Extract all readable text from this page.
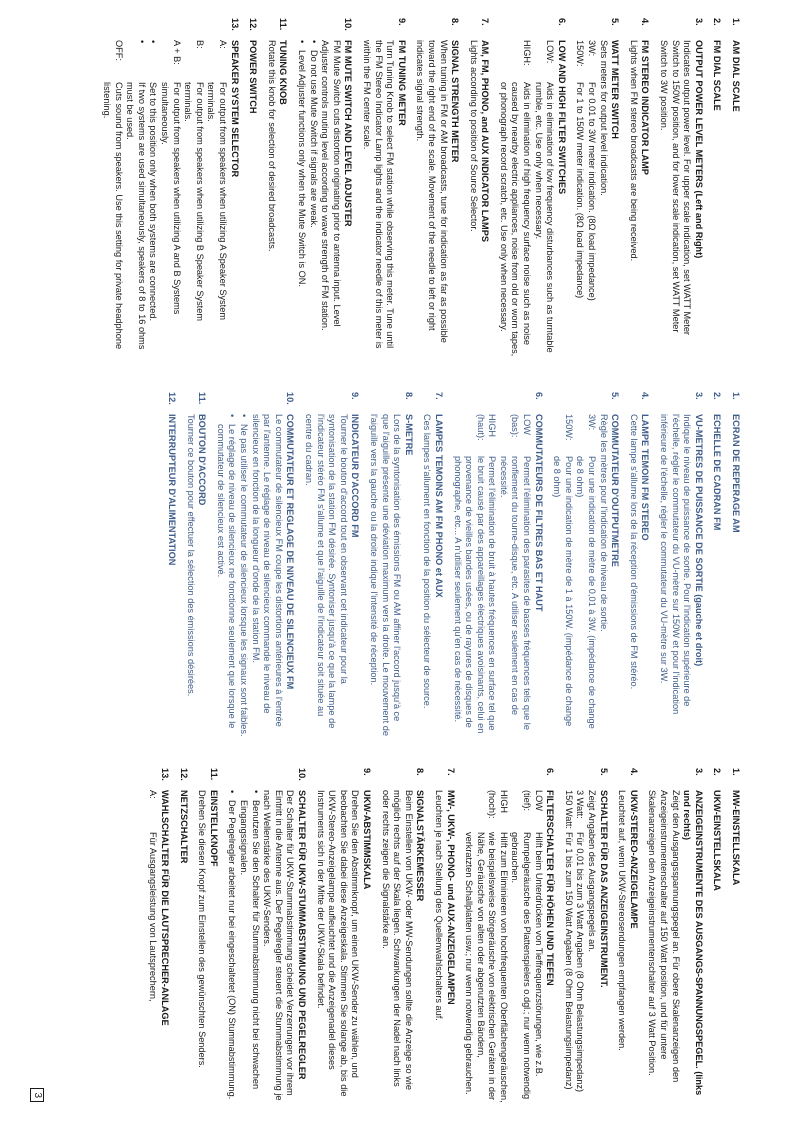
1.
AM DIAL SCALE
2.
FM DIAL SCALE
3.
OUTPUT POWER LEVEL METERS (Left and Right)

Indicates output power level. For upper scale indication, set WATT Meter Switch to 150W position, and for lower scale indication, set WATT Meter Switch to 3W position.

4.
FM STEREO INDICATOR LAMP

Lights when FM stereo broadcasts are being received.

5.
WATT METER SWITCH

Sets meters for output level indication.

3W:
For 0.01 to 3W meter indication. (8Ω load impedance)
150W:
For 1 to 150W meter indication. (8Ω load impedance)
6.
LOW AND HIGH FILTER SWITCHES
LOW:
Aids in elimination of low frequency disturbances such as turntable rumble, etc. Use only when necessary.
HIGH:
Aids in elimination of high frequency surface noise such as noise caused by nearby electric appliances, noise from old or worn tapes, or phonograph record scratch, etc. Use only when necessary.
7.
AM, FM, PHONO, and AUX INDICATOR LAMPS

Lights according to position of Source Selector.

8.
SIGNAL STRENGTH METER

When tuning in FM or AM broadcasts, tune for indication as far as possible toward the right end of the scale. Movement of the needle to left or right indicates signal strength.

9.
FM TUNING METER

Turn Tuning Knob to select FM station while observing this meter. Tune until the FM Stereo Indicator Lamp lights and the indicator needle of this meter is within the FM center scale.

10.
FM MUTE SWITCH AND LEVEL ADJUSTER

FM Mute Switch cuts distortion originating prior to antenna input. Level Adjuster controls muting level according to wave strength of FM station.

•
Do not use Mute Switch if signals are weak.
•
Level Adjuster functions only when the Mute Switch is ON.
11.
TUNING KNOB

Rotate this knob for selection of desired broadcasts.

12.
POWER SWITCH
13.
SPEAKER SYSTEM SELECTOR
A:
For output from speakers when utilizing A Speaker System terminals.
B:
For output from speakers when utilizing B Speaker System terminals.
A + B:
For output from speakers when utilizing A and B Systems simultaneously.
•
Set to this position only when both systems are connected.
•
If two systems are used simultaneously, speakers of 8 to 16 ohms must be used.
OFF:
Cuts sound from speakers. Use this setting for private headphone listening.
1.
ECRAN DE REPERAGE AM
2.
ECHELLE DE CADRAN FM
3.
VU-METRES DE PUISSANCE DE SORTIE (gauche et droit)

Indique le niveau de puissance de sortie. Pour l'indication supérieure de l'échelle, régler le commutateur du VU-mètre sur 150W et pour l'indication inférieure de l'échelle, régler le commutateur du VU-mètre sur 3W.

4.
LAMPE TEMOIN FM STEREO

Cette lampe s'allume lors de la réception d'émissions de FM stéréo.

5.
COMMUTATEUR D'OUTPUTMETRE

Règle les mètres pour l'indication de niveau de sortie.

3W:
Pour une indication de mètre de 0,01 à 3W. (impédance de change de 8 ohm)
150W:
Pour une indication de mètre de 1 à 150W. (impédance de change de 8 ohm)
6.
COMMUTATEURS DE FILTRES BAS ET HAUT
LOW (bas):
Permet l'élimination des parasites de basses fréquences tels que le ronflement du tourne-disque, etc. A utiliser seulement en cas de nécessité.
HIGH (haut):
Permet l'élimination de bruit à hautes fréquences en surface tel que le bruit causé par des appareillages électriques avoisinants, celui en provenance de vieilles bandes usées, ou de rayures de disques de phonographe, etc... A n'utiliser seulement qu'en cas de nécessité.
7.
LAMPES TEMOINS AM FM PHONO et AUX

Ces lampes s'allument en fonction de la position du sélecteur de source.

8.
S-METRE

Lors de la syntonisation des émissions FM ou AM affiner l'accord jusqu'à ce que l'aiguille présente une déviation maximum vers la droite. Le mouvement de l'aiguille vers la gauche ou la droite indique l'intensité de réception.

9.
INDICATEUR D'ACCORD FM

Tourner le bouton d'accord tout en observant cet indicateur pour la syntonisation de la station FM désirée. Syntoniser jusqu'à ce que la lampe de l'indicateur stéréo FM s'allume et que l'aiguille de l'indicateur soit située au centre du cadran.

10.
COMMUTATEUR ET REGLAGE DE NIVEAU DE SILENCIEUX FM

Le commutateur de silencieux FM coupe les distortions antérieures à l'entrée par l'antenne. Le réglage de niveau de silencieux commande le niveau de silencieux en fonction de la longueur d'onde de la station FM.

•
Ne pas utiliser le commutateur de silencieux lorsque les signaux sont faibles.
•
Le réglage de niveau de silencieux ne fonctionne seulement que lorsque le commutateur de silencieux est activé.
11.
BOUTON D'ACCORD

Tourner ce bouton pour effectuer la sélection des émissions désirées.

12.
INTERRUPTEUR D'ALIMENTATION
1.
MW-EINSTELLSKALA
2.
UKW-EINSTELLSKALA
3.
ANZEIGEINSTRUMENTE DES AUSGANGS-SPANNUNGSPEGEL. (links und rechts)

Zeigt den Ausgangsspannungspegel an. Für obere Skalenanzeigen den Anzeigeinstrumentenschalter auf 150 Watt position, und für untere Skalenanzeigen den Anzeigeinstrumentenschalter auf 3 Watt Position.

4.
UKW-STEREO-ANZEIGELAMPE

Leuchtet auf, wenn UKW-Stereosendungen empfangen werden.

5.
SCHALTER FÜR DAS ANZEIGEINSTRUMENT.

Zeigt Angaben des Ausgangspegels an.

3 Watt:
Für 0,01 bis zum 3 Watt Angaben (8 Ohm Belastungsimpedanz)
150 Watt:
Für 1 bis zum 150 Watt Angaben (8 Ohm Belastungsimpedanz)
6.
FILTERSCHALTER FÜR HÖHEN UND TIEFEN
LOW (tief):
Hilft beim Unterdrücken von Tieffrequenzstörungen, wie z.B. Rumpelgeräusche des Plattenspielers o.dgl.; nur wenn notwendig gebrauchen.
HIGH (hoch):
Hilft zum Eliminieren von hochfrequenten Oberflächengeräuschen, wie beispielsweise Störgeräusche von elektrischen Geräten in der Nähe, Geräusche von alten oder abgenutzten Bändern, verkratzten Schallplatten usw.; nur wenn notwendig gebrauchen.
7.
MW-, UKW-, PHONO- und AUX-ANZEIGELAMPEN

Leuchten je nach Stellung des Quellenwahlschalters auf.

8.
SIGNALSTÄRKEMESSER

Beim Einstellen von UKW- oder MW-Sendungen sollte die Anzeige so wie möglich rechts auf der Skala liegen. Schwankungen der Nadel nach links oder rechts zeigen die Signalstärke an.

9.
UKW-ABSTIMMSKALA

Drehen Sie den Abstimmknopf, um einen UKW-Sender zu wählen, und beobachten Sie dabei diese Anzeigeskala. Stimmen Sie solange ab, bis die UKW-Stereo-Anzeigelampe aufleuchtet und die Anzeigenadel dieses Instruments sich in der Mitte der UKW-Skala befindet.

10.
SCHALTER FÜR UKW-STUMMABSTIMMUNG UND PEGELREGLER

Der Schalter für UKW-Stummabstimmung scheidet Verzerrungen vor ihrem Eintritt in die Antenne aus. Der Pegelregler steuert die Stummabstimmung je nach Wellenstärke des UKW-Senders.

•
Benutzen Sie den Schalter für Stummabstimmung nicht bei schwachen Eingangssignalen.
•
Der Pegelregler arbeitet nur bei eingeschaltetet (ON) Stummabstimmung.
11.
EINSTELLKNOPF

Drehen Sie diesen Knopf zum Einstellen des gewünschten Senders.

12.
NETZSCHALTER
13.
WAHLSCHALTER FÜR DIE LAUTSPRECHER-ANLAGE
A:
Für Ausgangsleistung von Lautsprechern,
3
